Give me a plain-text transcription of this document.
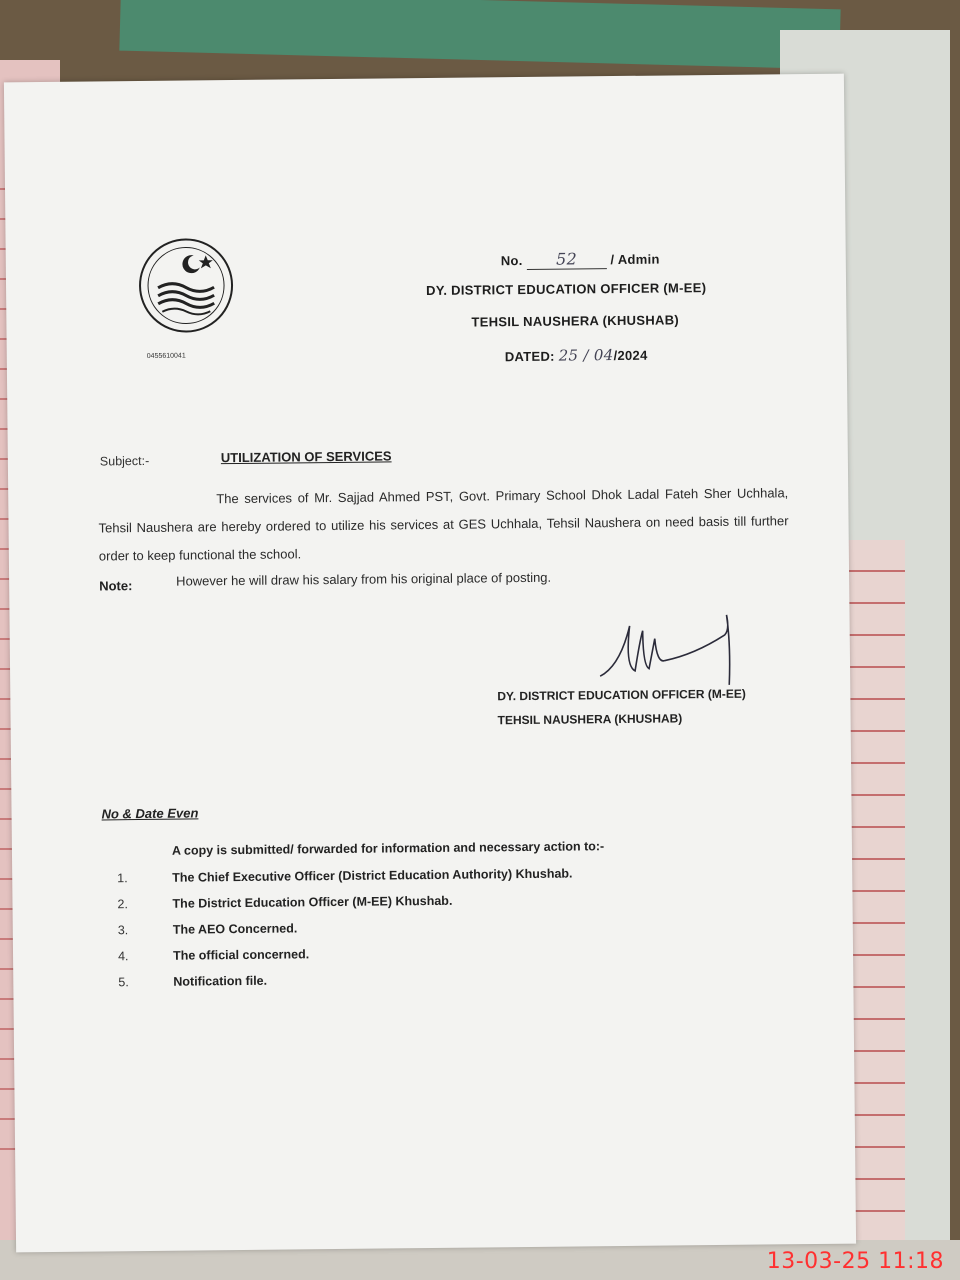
0455610041
No. 52	/ Admin
DY. DISTRICT EDUCATION OFFICER (M-EE)
TEHSIL NAUSHERA (KHUSHAB)
DATED: 25 / 04/2024
Subject:-	UTILIZATION OF SERVICES
The services of Mr. Sajjad Ahmed PST, Govt. Primary School Dhok Ladal Fateh Sher Uchhala, Tehsil Naushera are hereby ordered to utilize his services at GES Uchhala, Tehsil Naushera on need basis till further order to keep functional the school.
Note:	However he will draw his salary from his original place of posting.
DY. DISTRICT EDUCATION OFFICER (M-EE)
TEHSIL NAUSHERA (KHUSHAB)
No & Date Even
A copy is submitted/ forwarded for information and necessary action to:-
1.	The Chief Executive Officer (District Education Authority) Khushab.
2.	The District Education Officer (M-EE) Khushab.
3.	The AEO Concerned.
4.	The official concerned.
5.	Notification file.
13-03-25 11:18
